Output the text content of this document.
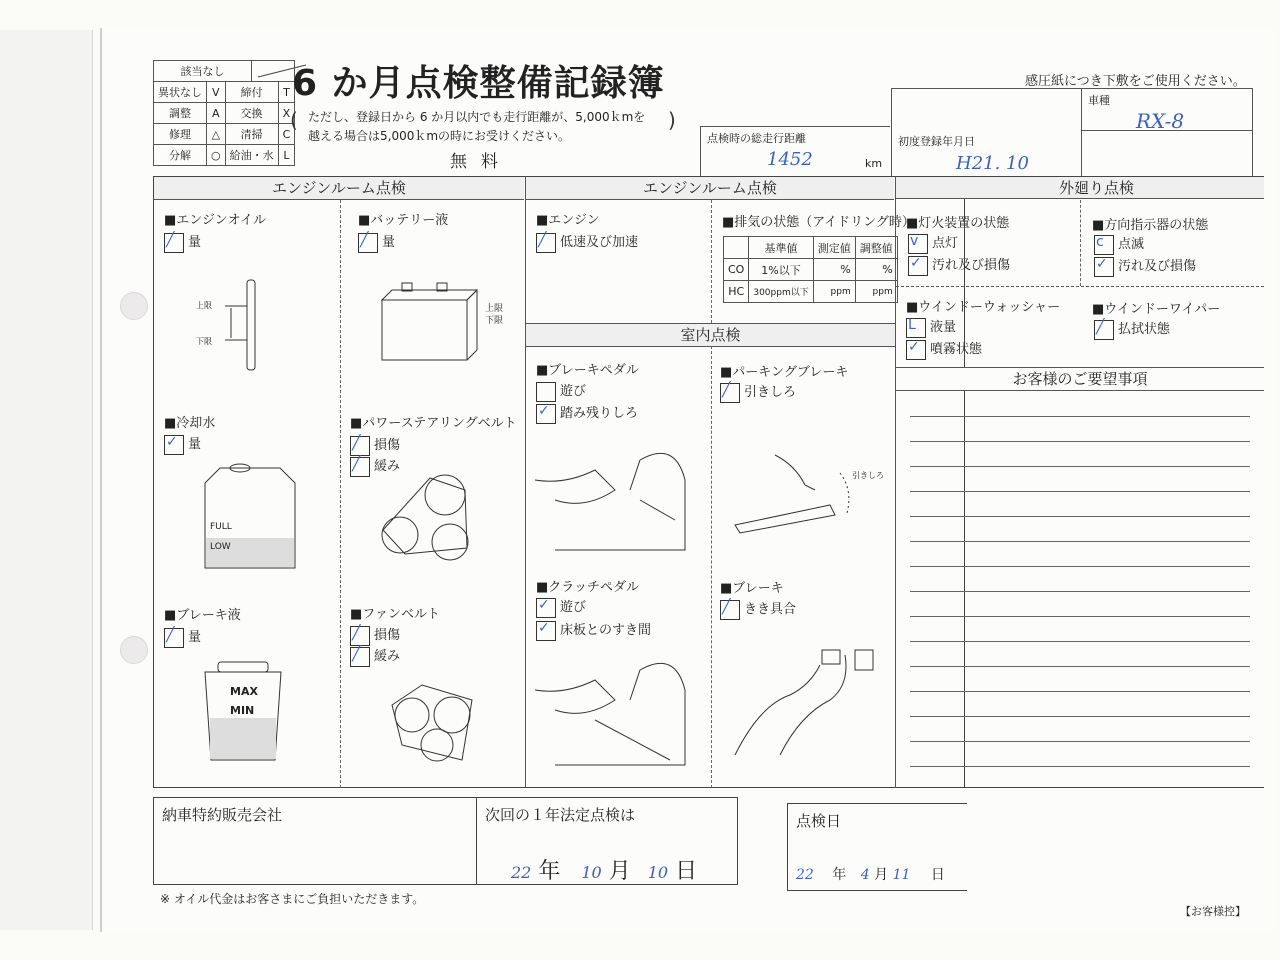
該当なし	

異状なし	V	締付		T
調整	A	交換		X
修理	△	清掃		C
分解	○	給油・水		L
6 か月点検整備記録簿
( ただし、登録日から 6 か月以内でも走行距離が、5,000ｋmを
越える場合は5,000ｋmの時にお受けください。
)
無料
感圧紙につき下敷をご使用ください。
点検時の総走行距離
1452	km
初度登録年月日
H21. 10
車種
RX-8
エンジンルーム点検	エンジンルーム点検	外廻り点検
室内点検
お客様のご要望事項
■エンジンオイル
╱ 量
上限
下限
■バッテリー液
╱ 量
上限
下限
■冷却水
✓ 量
FULL
LOW
■パワーステアリングベルト
╱ 損傷
╱ 緩み
■ブレーキ液
╱ 量
MAX
MIN
■ファンベルト
╱ 損傷
╱ 緩み
■エンジン
╱ 低速及び加速
■排気の状態（アイドリング時）
	基準値	測定値	調整値
CO	1%以下	%	%
HC	300ppm以下	ppm	ppm
■灯火装置の状態
v 点灯
✓ 汚れ及び損傷
■方向指示器の状態
c 点滅
✓ 汚れ及び損傷
■ウインドーウォッシャー
L 液量
✓ 噴霧状態
■ウインドーワイパー
╱ 払拭状態
■ブレーキペダル
遊び
✓ 踏み残りしろ
■パーキングブレーキ
╱ 引きしろ
引きしろ
■クラッチペダル
✓ 遊び
✓ 床板とのすき間
■ブレーキ
╱ きき具合
納車特約販売会社	次回の１年法定点検は
22 年 10 月 10 日
点検日
22 年 4 月 11 日
※ オイル代金はお客さまにご負担いただきます。
【お客様控】
